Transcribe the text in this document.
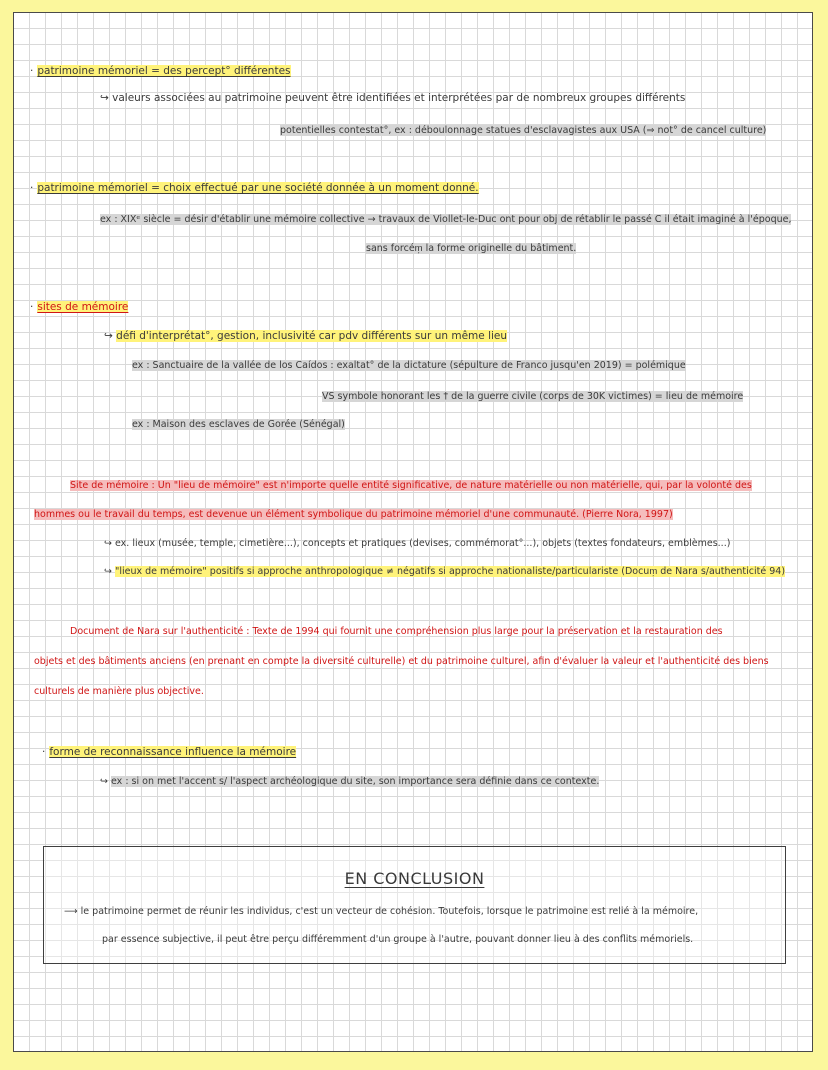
· patrimoine mémoriel = des percept° différentes
↪ valeurs associées au patrimoine peuvent être identifiées et interprétées par de nombreux groupes différents
potentielles contestat°, ex : déboulonnage statues d'esclavagistes aux USA (⇒ not° de cancel culture)
· patrimoine mémoriel = choix effectué par une société donnée à un moment donné.
ex : XIXᵉ siècle = désir d'établir une mémoire collective → travaux de Viollet-le-Duc ont pour obj de rétablir le passé C il était imaginé à l'époque,
sans forcém᷊ la forme originelle du bâtiment.
· sites de mémoire
↪ défi d'interprétat°, gestion, inclusivité car pdv différents sur un même lieu
ex : Sanctuaire de la vallée de los Caídos : exaltat° de la dictature (sépulture de Franco jusqu'en 2019) = polémique
VS symbole honorant les † de la guerre civile (corps de 30K victimes) = lieu de mémoire
ex : Maison des esclaves de Gorée (Sénégal)
Site de mémoire : Un "lieu de mémoire" est n'importe quelle entité significative, de nature matérielle ou non matérielle, qui, par la volonté des
hommes ou le travail du temps, est devenue un élément symbolique du patrimoine mémoriel d'une communauté. (Pierre Nora, 1997)
↪ ex. lieux (musée, temple, cimetière...), concepts et pratiques (devises, commémorat°...), objets (textes fondateurs, emblèmes...)
↪ "lieux de mémoire" positifs si approche anthropologique ≠ négatifs si approche nationaliste/particulariste (Docum᷊ de Nara s/authenticité 94)
Document de Nara sur l'authenticité : Texte de 1994 qui fournit une compréhension plus large pour la préservation et la restauration des
objets et des bâtiments anciens (en prenant en compte la diversité culturelle) et du patrimoine culturel, afin d'évaluer la valeur et l'authenticité des biens
culturels de manière plus objective.
· forme de reconnaissance influence la mémoire
↪ ex : si on met l'accent s/ l'aspect archéologique du site, son importance sera définie dans ce contexte.
EN CONCLUSION
⟶ le patrimoine permet de réunir les individus, c'est un vecteur de cohésion. Toutefois, lorsque le patrimoine est relié à la mémoire,
par essence subjective, il peut être perçu différemment d'un groupe à l'autre, pouvant donner lieu à des conflits mémoriels.
